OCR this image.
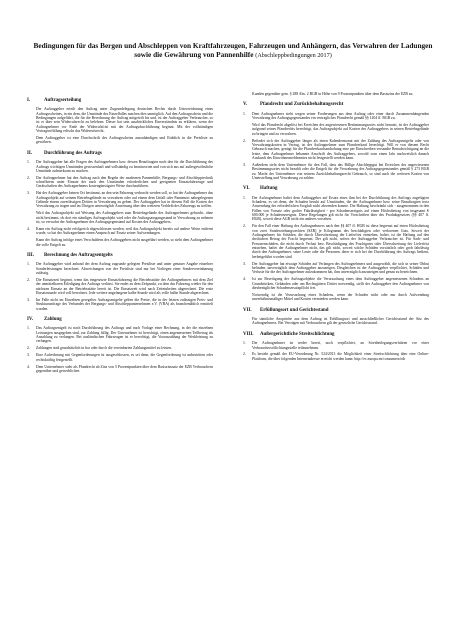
Bedingungen für das Bergen und Abschleppen von Kraftfahrzeugen, Fahrzeugen und Anhängern, das Verwahren der Ladungen sowie die Gewährung von Pannenhilfe (Abschleppbedingungen 2017)
I.	Auftragserteilung
Der Auftraggeber erteilt den Auftrag unter Zugrundelegung deutschen Rechts durch Unterzeichnung eines Auftragsscheines, in ein dem, die Umstände des Einzelfalles machen dies unmöglich. Auf den Auftragsschein und die Bedingungen aufgeführt, die für die Berechnung der Auftrag mitgeteilt bis und, ist der Auftraggeber Verbraucher, so ist er über sein Widerrufsrecht zu belehren. Dieser hat sein ausdrückliches Einverständnis zu erklären, wenn der Auftragnehmer vor Ende der Widerrufsfrist mit der Auftragsdurchführung beginnt. Mit der vollständigen Vertragserfüllung erlischt das Widerrufsrecht.
Dem Auftraggeber ist eine Durchschrift des Auftragsscheins auszuhändigen und Einblick in die Preisliste zu gewähren.
II.	Durchführung des Auftrags
1.	Der Auftraggeber hat alle Fragen des Auftragnehmers bzw. dessen Beauftragten nach den für die Durchführung des Auftrags wichtigen Umständen gewissenhaft und vollständig zu beantworten und von sich aus auf außergewöhnliche Umstände aufmerksam zu machen.
2.	Der Auftragnehmer hat den Auftrag nach den Regeln der modernen Pannenhilfe, Bergungs- und Abschlepptechnik schnellstens unter Einsatz der nach den Umständen erforderlichen und geeigneten Einsatzfahrzeuge und Gerätschaften des Auftragnehmers kostengünstigster Weise durchzuführen.
3.	Hat der Auftraggeber keinen Ort bestimmt, an den sein Fahrzeug verbracht werden soll, so hat der Auftragnehmer das Auftragsobjekt auf seinem Betriebsgelände zu verwahren oder auf einem dem Unfall oder Pannenort nahegelegenen Gelände einem zuverlässigen Dritten in Verwahrung zu geben. Der Auftraggeber hat in diesem Fall die Kosten der Verwahrung zu tragen und im Übrigen unverzüglich Anweisung über den weiteren Verbleib des Fahrzeugs zu treffen.
Wird das Auftragsobjekt auf Weisung des Auftraggebers zum Betriebsgelände des Auftragnehmers gebracht, ohne nicht bestimmt, ob dort ein ständiges Auftragsobjekt wird oder die Auftragsausgangsstand in Verwahrung zu nehmen ist, so verwahrt der Auftragnehmer des Auftragsgegenstand auf Kosten des Auftraggebers.
4.	Kann ein Auftrag nicht erfolgreich abgeschlossen werden, weil das Auftragsobjekt bereits auf andere Weise entfernt wurde, so hat der Auftragnehmer einen Anspruch auf Ersatz seiner Aufwendungen.
Kann der Auftrag infolge eines Verschuldens des Auftraggebers nicht ausgeführt werden, so steht dem Auftragnehmer die volle Entgelt zu.
III.	Berechnung des Auftragsentgelts
1.	Der Auftraggeber wird anhand der dem Auftrag zugrunde gelegten Preisliste und unter genauer Angabe einzelner Sonderleistungen berechnet. Abweichungen von der Preisliste sind nur bei Vorliegen einer Sondervereinbarung zulässig.
2.	Die Einsatzzeit beginnt, wenn das eingesetzte Einsatzfahrzeug die Betriebsstätte des Auftragnehmers mit dem Ziel der unmittelbaren Erledigung des Auftrags verlässt. Sie endet zu dem Zeitpunkt, zu dem das Fahrzeug wieder für den nächsten Einsatz an der Betriebsstätte bereit ist. Die Einsatzzeit wird nach Zeiteinheiten abgerechnet. Die erste Einsatzstunde wird voll berechnet. Jede weitere angefangene halbe Stunde wird als volle halbe Stunde abgerechnet.
3.	Im Falle nicht im Einzelnen geregelter Auftragsentgelte gelten die Preise, die in der letzten zulässigen Preis- und Strukturumfrage des Verbandes der Bergungs- und Abschleppunternehmen e.V. (VBA) als branchenüblich ermittelt wurden.
IV.	Zahlung
1.	Das Auftragsentgelt ist nach Durchführung des Auftrags und nach Vorlage einer Rechnung, in der die einzelnen Leistungen ausgegeben sind, zur Zahlung fällig. Der Unternehmer ist berechtigt, einen angemessenen Teilbetrag als Anzahlung zu verlangen. Bei ausländischen Fahrzeugen ist er berechtigt, die Vorauszahlung der Werkleistung zu verlangen.
2.	Zahlungen sind grundsätzlich in bar oder durch die vereinbarten Zahlungsmittel zu leisten.
3.	Eine Aufrechnung mit Gegenforderungen ist ausgeschlossen, es sei denn, die Gegenforderung ist unbestritten oder rechtskräftig festgestellt.
4.	Dem Unternehmer steht als Pfandrecht ab Zins von 5 Prozentpunkten über dem Basiszinssatz der EZB Verbrauchern gegenüber und gewerblichen
Kunden gegenüber gem. § 288 Abs. 2 BGB in Höhe von 9 Prozentpunkten über dem Basiszins der EZB zu.
V.	Pfandrecht und Zurückbehaltungsrecht
1.	Dem Auftragnehmer steht wegen seiner Forderungen aus dem Auftrag oder einer durch Zusammenhängenden Verwahrung des Auftragsgegenstandes ein vertragliches Pfandrecht gemäß §§ 1204 ff. BGB zu.
Wird das Pfandrecht abgelöst bei Erreichen des angewiesenen Bestimmungsortes nicht benutzt, ist der Auftraggeber aufgrund seines Pfandrechts berechtigt, das Auftragsobjekt auf Kosten des Auftraggebers in seinen Betriebsgelände zu bringen und zu verwahren.
2.	Befindet sich der Auftraggeber länger als einen Kalendermonat mit der Zahlung des Auftragsentgelts oder von Verwahrungskosten in Verzug, ist der Auftragnehmer zum Pfandverkauf berechtigt. Will er von diesem Recht Gebrauch machen, genügt für die Pfandverkaufsandrohung eine per Einschreiben versandte Benachrichtigung an die letzte, dem Auftragnehmer bekannte Anschrift des Auftraggebers, sowohl vom einen Jahr nachweislich danach Auskunft des Einwohnermeldeamtes nicht festgestellt werden kann.
3.	Außerdem steht dem Unternehmer für den Fall, dass das Billige Abschleppgut bei Erreichen des angewiesenen Bestimmungsortes nicht bezahlt oder die Entgelt für die Verwahrung des Auftragsgegenstandes gemäß § 273 BGB zu. Macht der Unternehmer von seinem Zurückbehaltungsrecht Gebrauch, so sind auch die weiteren Kosten von Unterstellung und Verwahrung zu zahlen.
VI.	Haftung
1.	Der Auftragnehmer haftet dem Auftraggeber auf Ersatz eines ihm bei der Durchführung des Auftrags zugefügten Schadens, es sei denn, der Schaden beruht auf Umständen, die der Auftragnehmer bzw. seine Beauftragten trotz Anwendung der erforderlichen Sorgfalt nicht abwenden konnte. Die Haftung beschränkt sich - ausgenommen in den Fällen von Vorsatz oder grober Fahrlässigkeit - pro Schadensereignis auf einen Höchstbetrag von insgesamt € 600.000 je Schadensereignis. Diese Regelungen gilt nicht für Vorschriften über des Produktgesetzes (§§ 407 ff. HGB), soweit diese AGB nicht ein anderes vorsehen.
2.	Für den Fall einer Haftung des Auftragnehmers nach den §§ 407 ff. HGB ist diese begrenzt auf einen Höchstbetrag von zwei Sonderziehungsrechten (SZR) je Kilogramm des beschädigten oder verlorenen Guts. Soweit der Auftragnehmer für Schäden, die durch Überschreitung der Lieferfrist entstehen, haftet, ist die Haftung auf den dreifachen Betrag der Fracht begrenzt. Der gilt nicht, sofern der Auftraggeber Verbraucher ist. Für Sach- und Personenschäden, die nicht durch Verlust bzw. Beschädigung des Frachtgutes oder Überschreitung der Lieferfrist entstehen, haftet der Auftragnehmer nicht, das gilt nicht, soweit solche Schäden vorsätzlich oder grob fahrlässig durch den Auftragnehmer, seine Leute oder die Personen, derer er sich bei der Durchführung des Auftrags bedient, herbeigeführt worden sind.
3.	Der Auftraggeber hat etwaige Schäden auf Verlangen des Auftragnehmers und ausgewählt, die sich in seiner Obhut befinden, unverzüglich dem Auftraggeber anzuzeigen. Desgleichen ist der Auftraggeber verpflichtet, Schäden und Verluste für die der Auftragnehmer aufzukommen hat, ihm unverzüglich anzuzeigen und genau zu bezeichnen.
4.	Ist zur Beseitigung der Auftragsobjekte die Verursachung eines dem Auftraggeber angemessenen Schadens an Grundstücken, Gebäuden oder am Rechtsgütern Dritter notwendig, stellt der Auftraggeber den Auftragnehmer von diesbezüglicher Schadensersatzpflicht frei.
Notwendig ist die Verursachung eines Schadens, wenn der Schaden nicht oder nur durch Aufwendung unverhältnismäßiger Mittel und Kosten vermieden werden kann.
VII.	Erfüllungsort und Gerichtsstand
Für sämtliche Ansprüche aus dem Auftrag ist Erfüllungsort und ausschließlicher Gerichtsstand der Sitz des Auftragnehmers. Bei Verträgen mit Verbrauchern gilt der gesetzliche Gerichtsstand.
VIII.	Außergerichtliche Streitschlichtung
1.	Der Auftragnehmer ist weder bereit, noch verpflichtet, an Streitbeilegungsverfahren vor einer Verbraucherschlichtungsstelle teilzunehmen.
2.	Es besteht gemäß der EU-Verordnung Nr. 524/2013 die Möglichkeit einer Streitschlichtung über eine Online-Plattform, die über folgenden Internetadresse erreicht werden kann: http://ec.europa.eu/consumers/odr
